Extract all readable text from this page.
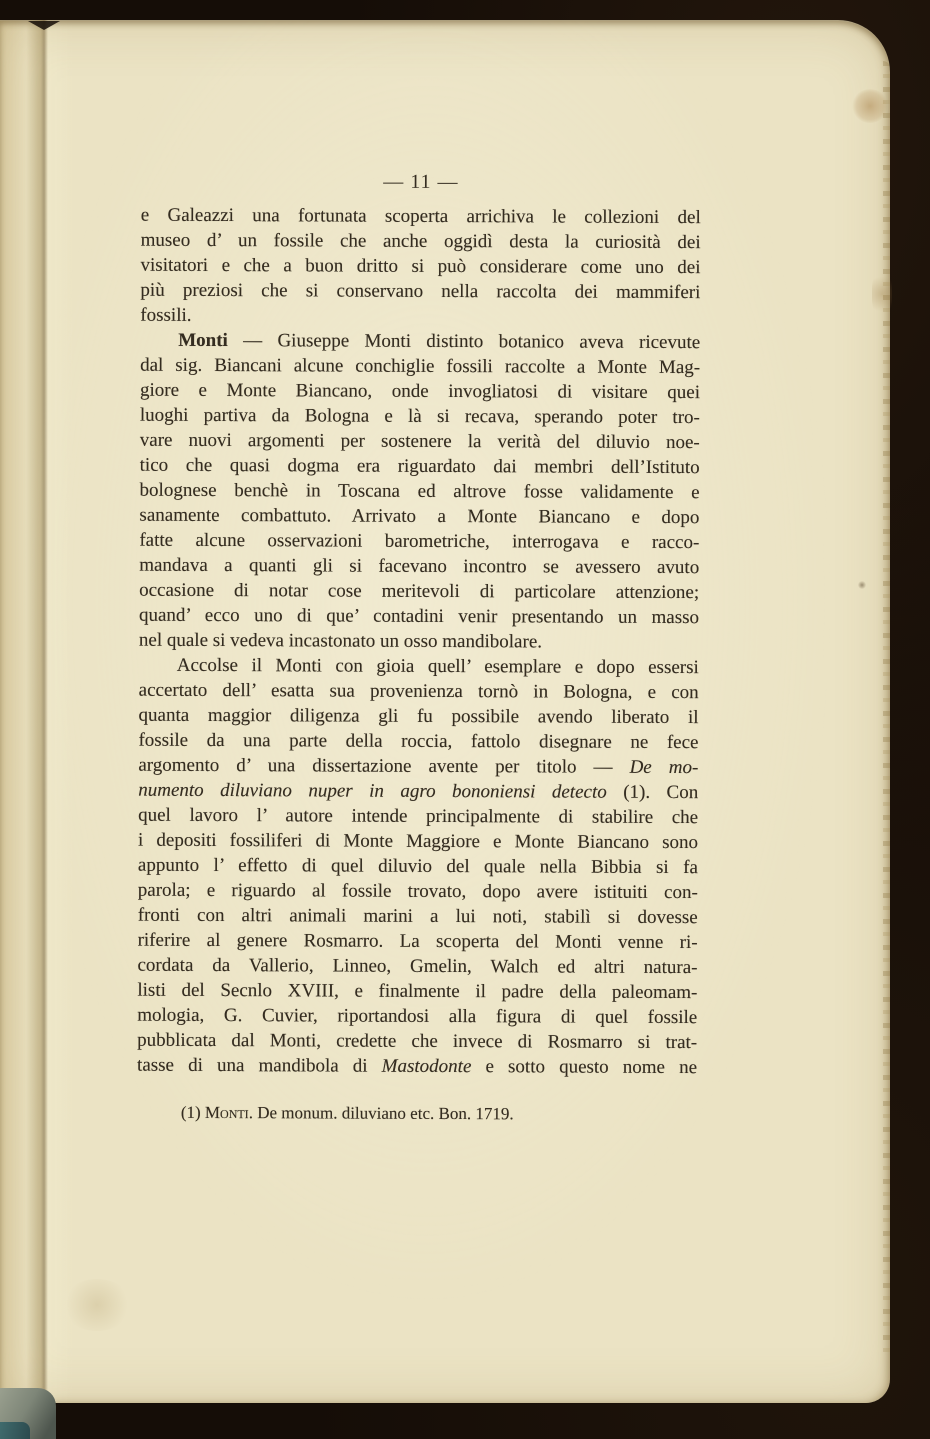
— 11 —
e Galeazzi una fortunata scoperta arrichiva le collezioni del
museo d’ un fossile che anche oggidì desta la curiosità dei
visitatori e che a buon dritto si può considerare come uno dei
più preziosi che si conservano nella raccolta dei mammiferi
fossili.
Monti — Giuseppe Monti distinto botanico aveva ricevute
dal sig. Biancani alcune conchiglie fossili raccolte a Monte Mag-
giore e Monte Biancano, onde invogliatosi di visitare quei
luoghi partiva da Bologna e là si recava, sperando poter tro-
vare nuovi argomenti per sostenere la verità del diluvio noe-
tico che quasi dogma era riguardato dai membri dell’Istituto
bolognese benchè in Toscana ed altrove fosse validamente e
sanamente combattuto. Arrivato a Monte Biancano e dopo
fatte alcune osservazioni barometriche, interrogava e racco-
mandava a quanti gli si facevano incontro se avessero avuto
occasione di notar cose meritevoli di particolare attenzione;
quand’ ecco uno di que’ contadini venir presentando un masso
nel quale si vedeva incastonato un osso mandibolare.
Accolse il Monti con gioia quell’ esemplare e dopo essersi
accertato dell’ esatta sua provenienza tornò in Bologna, e con
quanta maggior diligenza gli fu possibile avendo liberato il
fossile da una parte della roccia, fattolo disegnare ne fece
argomento d’ una dissertazione avente per titolo — De mo-
numento diluviano nuper in agro bononiensi detecto (1). Con
quel lavoro l’ autore intende principalmente di stabilire che
i depositi fossiliferi di Monte Maggiore e Monte Biancano sono
appunto l’ effetto di quel diluvio del quale nella Bibbia si fa
parola; e riguardo al fossile trovato, dopo avere istituiti con-
fronti con altri animali marini a lui noti, stabilì si dovesse
riferire al genere Rosmarro. La scoperta del Monti venne ri-
cordata da Vallerio, Linneo, Gmelin, Walch ed altri natura-
listi del Secnlo XVIII, e finalmente il padre della paleomam-
mologia, G. Cuvier, riportandosi alla figura di quel fossile
pubblicata dal Monti, credette che invece di Rosmarro si trat-
tasse di una mandibola di Mastodonte e sotto questo nome ne
(1) Monti. De monum. diluviano etc. Bon. 1719.
